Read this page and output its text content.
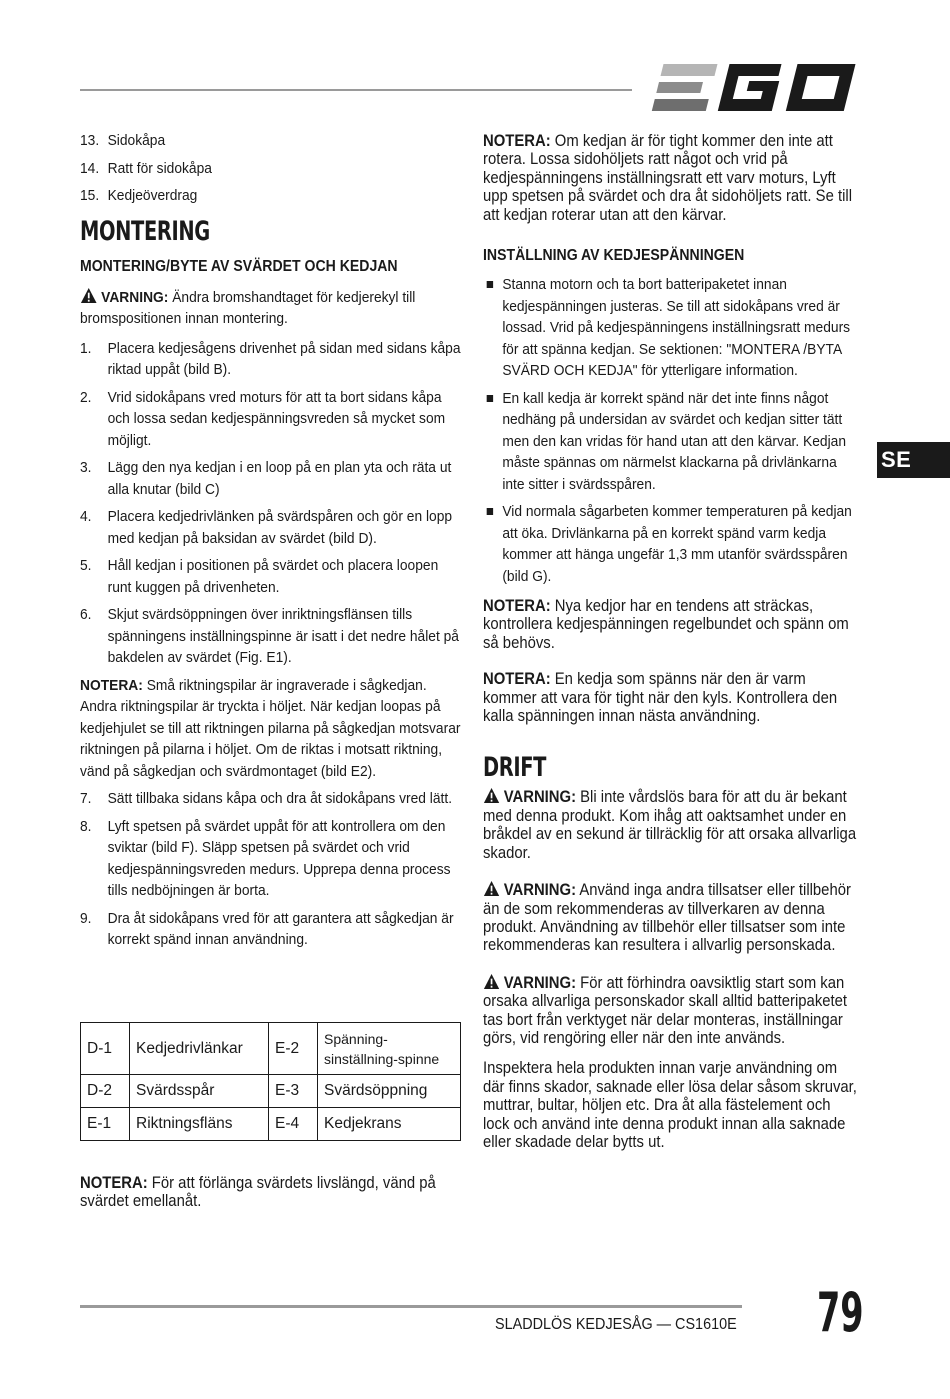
SE
13. Sidokåpa
14. Ratt för sidokåpa
15. Kedjeöverdrag
MONTERING
MONTERING/BYTE AV SVÄRDET OCH KEDJAN
VARNING: Ändra bromshandtaget för kedjerekyl till bromspositionen innan montering.
1.	Placera kedjesågens drivenhet på sidan med sidans kåpa riktad uppåt (bild B).
2.	Vrid sidokåpans vred moturs för att ta bort sidans kåpa och lossa sedan kedjespänningsvreden så mycket som möjligt.
3.	Lägg den nya kedjan i en loop på en plan yta och räta ut alla knutar (bild C)
4.	Placera kedjedrivlänken på svärdspåren och gör en lopp med kedjan på baksidan av svärdet (bild D).
5.	Håll kedjan i positionen på svärdet och placera loopen runt kuggen på drivenheten.
6.	Skjut svärdsöppningen över inriktningsflänsen tills spänningens inställningspinne är isatt i det nedre hålet på bakdelen av svärdet (Fig. E1).
NOTERA: Små riktningspilar är ingraverade i sågkedjan. Andra riktningspilar är tryckta i höljet. När kedjan loopas på kedjehjulet se till att riktningen pilarna på sågkedjan motsvarar riktningen på pilarna i höljet. Om de riktas i motsatt riktning, vänd på sågkedjan och svärdmontaget (bild E2).
7.	Sätt tillbaka sidans kåpa och dra åt sidokåpans vred lätt.
8.	Lyft spetsen på svärdet uppåt för att kontrollera om den sviktar (bild F). Släpp spetsen på svärdet och vrid kedjespänningsvreden medurs. Upprepa denna process tills nedböjningen är borta.
9.	Dra åt sidokåpans vred för att garantera att sågkedjan är korrekt spänd innan användning.
D-1	Kedjedrivlänkar	E-2	Spänning-sinställning-spinne
D-2	Svärdsspår	E-3	Svärdsöppning
E-1	Riktningsfläns	E-4	Kedjekrans
NOTERA: För att förlänga svärdets livslängd, vänd på svärdet emellanåt.
NOTERA: Om kedjan är för tight kommer den inte att rotera. Lossa sidohöljets ratt något och vrid på kedjespänningens inställningsratt ett varv moturs, Lyft upp spetsen på svärdet och dra åt sidohöljets ratt. Se till att kedjan roterar utan att den kärvar.
INSTÄLLNING AV KEDJESPÄNNINGEN
Stanna motorn och ta bort batteripaketet innan kedjespänningen justeras. Se till att sidokåpans vred är lossad. Vrid på kedjespänningens inställningsratt medurs för att spänna kedjan. Se sektionen: "MONTERA /BYTA SVÄRD OCH KEDJA" för ytterligare information.
En kall kedja är korrekt spänd när det inte finns något nedhäng på undersidan av svärdet och kedjan sitter tätt men den kan vridas för hand utan att den kärvar. Kedjan måste spännas om närmelst klackarna på drivlänkarna inte sitter i svärdsspåren.
Vid normala sågarbeten kommer temperaturen på kedjan att öka. Drivlänkarna på en korrekt spänd varm kedja kommer att hänga ungefär 1,3 mm utanför svärdsspåren (bild G).
NOTERA: Nya kedjor har en tendens att sträckas, kontrollera kedjespänningen regelbundet och spänn om så behövs.
NOTERA: En kedja som spänns när den är varm kommer att vara för tight när den kyls. Kontrollera den kalla spänningen innan nästa användning.
DRIFT
VARNING: Bli inte vårdslös bara för att du är bekant med denna produkt. Kom ihåg att oaktsamhet under en bråkdel av en sekund är tillräcklig för att orsaka allvarliga skador.
VARNING: Använd inga andra tillsatser eller tillbehör än de som rekommenderas av tillverkaren av denna produkt. Användning av tillbehör eller tillsatser som inte rekommenderas kan resultera i allvarlig personskada.
VARNING: För att förhindra oavsiktlig start som kan orsaka allvarliga personskador skall alltid batteripaketet tas bort från verktyget när delar monteras, inställningar görs, vid rengöring eller när den inte används.
Inspektera hela produkten innan varje användning om där finns skador, saknade eller lösa delar såsom skruvar, muttrar, bultar, höljen etc. Dra åt alla fästelement och lock och använd inte denna produkt innan alla saknade eller skadade delar bytts ut.
SLADDLÖS KEDJESÅG — CS1610E 79
